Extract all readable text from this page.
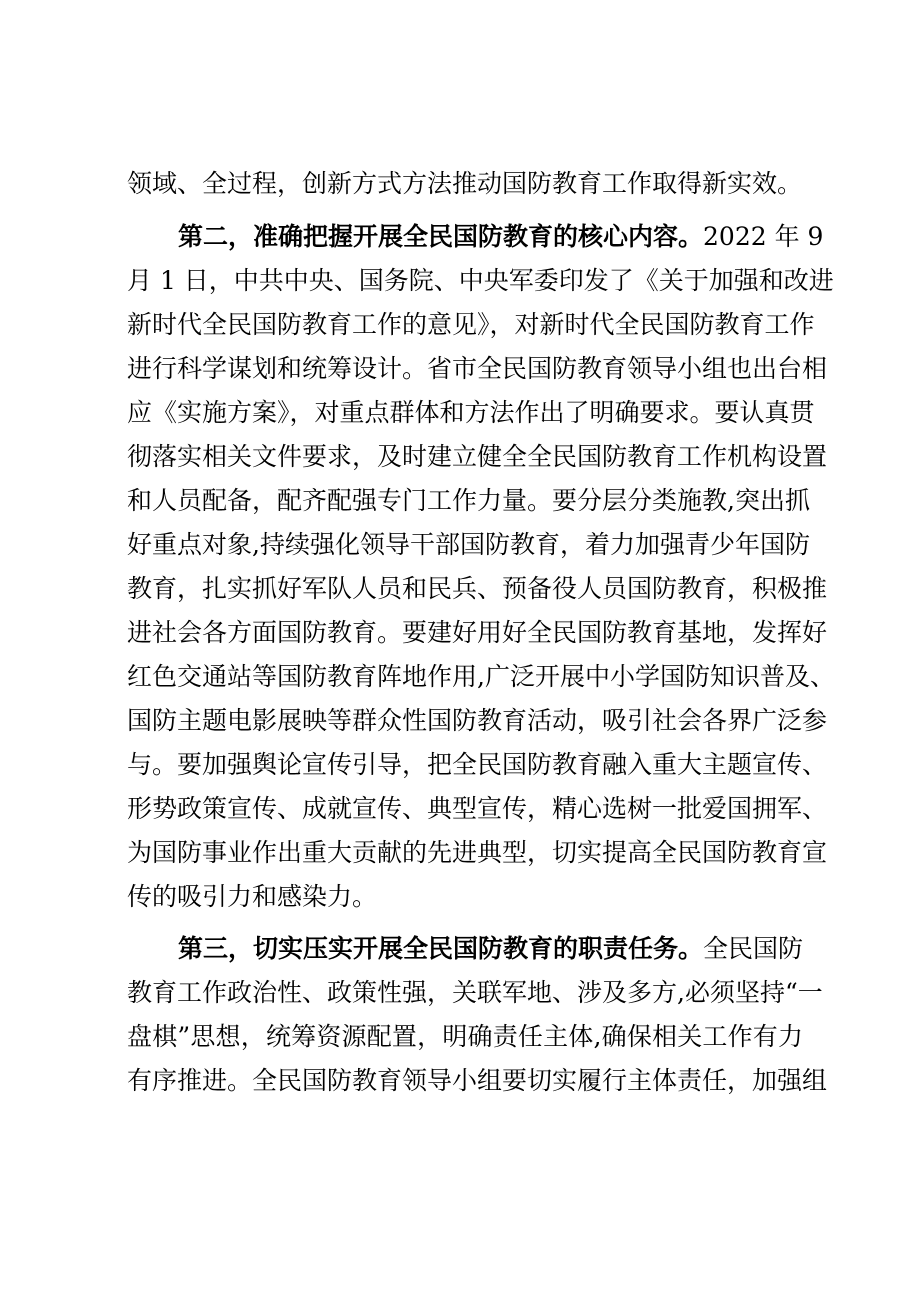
领域、全过程，创新方式方法推动国防教育工作取得新实效。
第二，准确把握开展全民国防教育的核心内容。2022 年 9
月 1 日，中共中央、国务院、中央军委印发了《关于加强和改进
新时代全民国防教育工作的意见》，对新时代全民国防教育工作
进行科学谋划和统筹设计。省市全民国防教育领导小组也出台相
应《实施方案》，对重点群体和方法作出了明确要求。要认真贯
彻落实相关文件要求，及时建立健全全民国防教育工作机构设置
和人员配备，配齐配强专门工作力量。要分层分类施教,突出抓
好重点对象,持续强化领导干部国防教育，着力加强青少年国防
教育，扎实抓好军队人员和民兵、预备役人员国防教育，积极推
进社会各方面国防教育。要建好用好全民国防教育基地，发挥好
红色交通站等国防教育阵地作用,广泛开展中小学国防知识普及、
国防主题电影展映等群众性国防教育活动，吸引社会各界广泛参
与。要加强舆论宣传引导，把全民国防教育融入重大主题宣传、
形势政策宣传、成就宣传、典型宣传，精心选树一批爱国拥军、
为国防事业作出重大贡献的先进典型，切实提高全民国防教育宣
传的吸引力和感染力。
第三，切实压实开展全民国防教育的职责任务。全民国防
教育工作政治性、政策性强，关联军地、涉及多方,必须坚持“一
盘棋”思想，统筹资源配置，明确责任主体,确保相关工作有力
有序推进。全民国防教育领导小组要切实履行主体责任，加强组
